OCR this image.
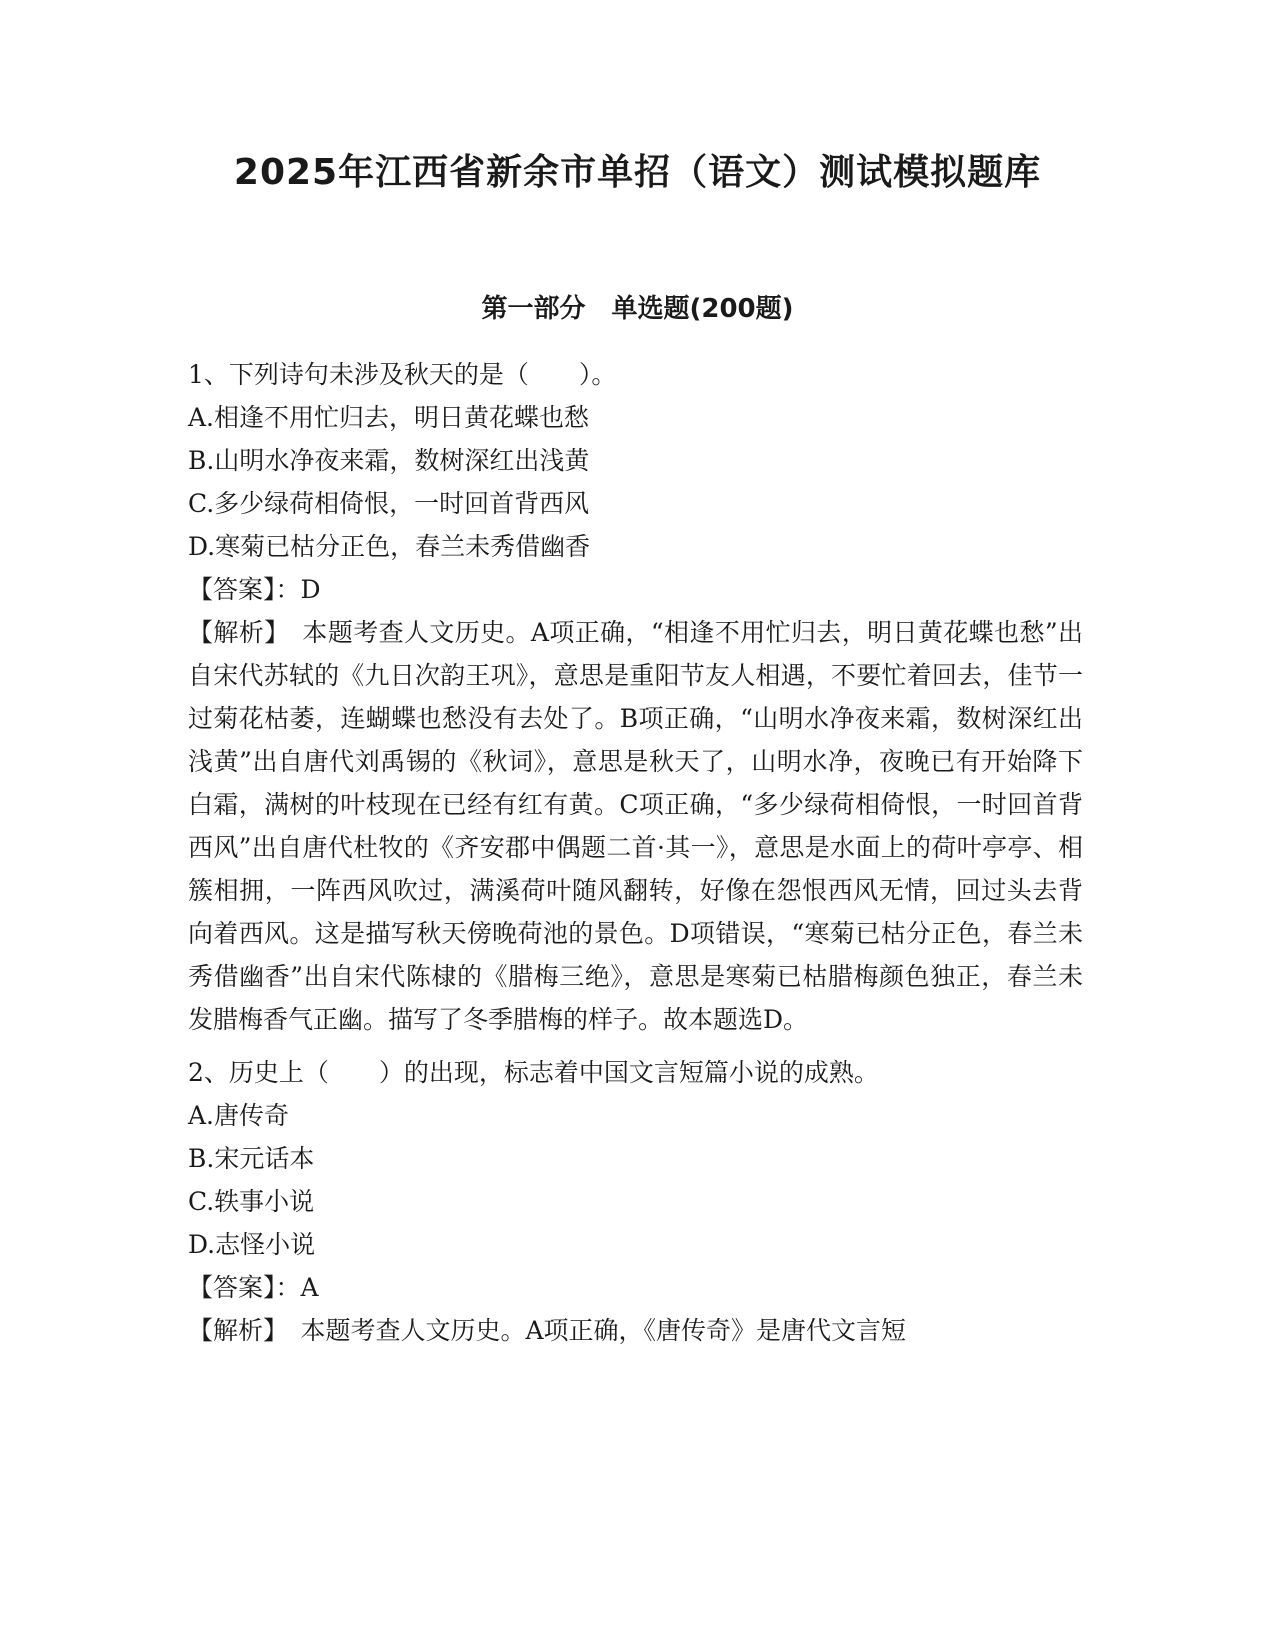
2025年江西省新余市单招（语文）测试模拟题库
第一部分　单选题(200题)
1、下列诗句未涉及秋天的是（　　）。
A.相逢不用忙归去，明日黄花蝶也愁
B.山明水净夜来霜，数树深红出浅黄
C.多少绿荷相倚恨，一时回首背西风
D.寒菊已枯分正色，春兰未秀借幽香
【答案】：D
【解析】　本题考查人文历史。A项正确，“相逢不用忙归去，明日黄花蝶也愁”出自宋代苏轼的《九日次韵王巩》，意思是重阳节友人相遇，不要忙着回去，佳节一过菊花枯萎，连蝴蝶也愁没有去处了。B项正确，“山明水净夜来霜，数树深红出浅黄”出自唐代刘禹锡的《秋词》，意思是秋天了，山明水净，夜晚已有开始降下白霜，满树的叶枝现在已经有红有黄。C项正确，“多少绿荷相倚恨，一时回首背西风”出自唐代杜牧的《齐安郡中偶题二首·其一》，意思是水面上的荷叶亭亭、相簇相拥，一阵西风吹过，满溪荷叶随风翻转，好像在怨恨西风无情，回过头去背向着西风。这是描写秋天傍晚荷池的景色。D项错误，“寒菊已枯分正色，春兰未秀借幽香”出自宋代陈棣的《腊梅三绝》，意思是寒菊已枯腊梅颜色独正，春兰未发腊梅香气正幽。描写了冬季腊梅的样子。故本题选D。
2、历史上（　　）的出现，标志着中国文言短篇小说的成熟。
A.唐传奇
B.宋元话本
C.轶事小说
D.志怪小说
【答案】：A
【解析】　本题考查人文历史。A项正确，《唐传奇》是唐代文言短
